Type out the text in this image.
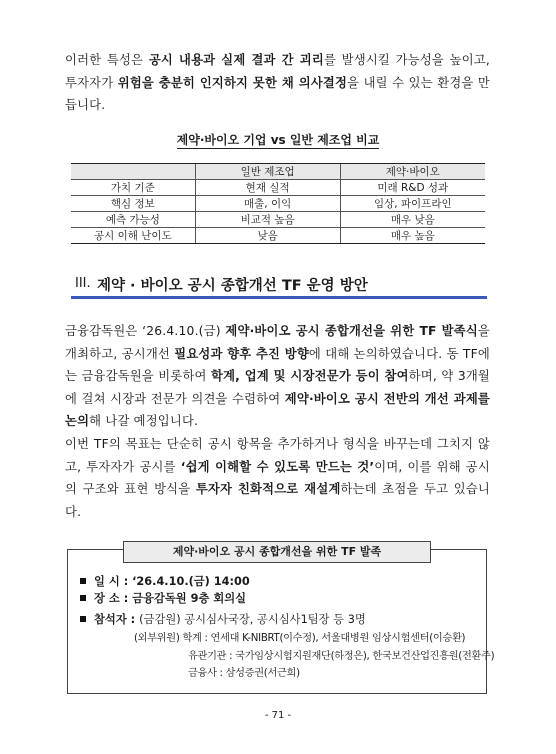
이러한 특성은 공시 내용과 실제 결과 간 괴리를 발생시킬 가능성을 높이고, 투자자가 위험을 충분히 인지하지 못한 채 의사결정을 내릴 수 있는 환경을 만듭니다.
제약·바이오 기업 vs 일반 제조업 비교
	일반 제조업	제약·바이오
가치 기준	현재 실적	미래 R&D 성과
핵심 정보	매출, 이익	임상, 파이프라인
예측 가능성	비교적 높음	매우 낮음
공시 이해 난이도	낮음	매우 높음
III. 제약 · 바이오 공시 종합개선 TF 운영 방안
금융감독원은 ‘26.4.10.(금) 제약·바이오 공시 종합개선을 위한 TF 발족식을 개최하고, 공시개선 필요성과 향후 추진 방향에 대해 논의하였습니다. 동 TF에는 금융감독원을 비롯하여 학계, 업계 및 시장전문가 등이 참여하며, 약 3개월에 걸쳐 시장과 전문가 의견을 수렴하여 제약·바이오 공시 전반의 개선 과제를 논의해 나갈 예정입니다.
이번 TF의 목표는 단순히 공시 항목을 추가하거나 형식을 바꾸는데 그치지 않고, 투자자가 공시를 ‘쉽게 이해할 수 있도록 만드는 것’이며, 이를 위해 공시의 구조와 표현 방식을 투자자 친화적으로 재설계하는데 초점을 두고 있습니다.
제약·바이오 공시 종합개선을 위한 TF 발족
일 시 : ‘26.4.10.(금) 14:00
장 소 : 금융감독원 9층 회의실
참석자 : (금감원) 공시심사국장, 공시심사1팀장 등 3명
(외부위원) 학계 : 연세대 K-NIBRT(이수정), 서울대병원 임상시험센터(이승환)
유관기관 : 국가임상시험지원재단(하정은), 한국보건산업진흥원(전환주)
금융사 : 삼성증권(서근희)
- 71 -
